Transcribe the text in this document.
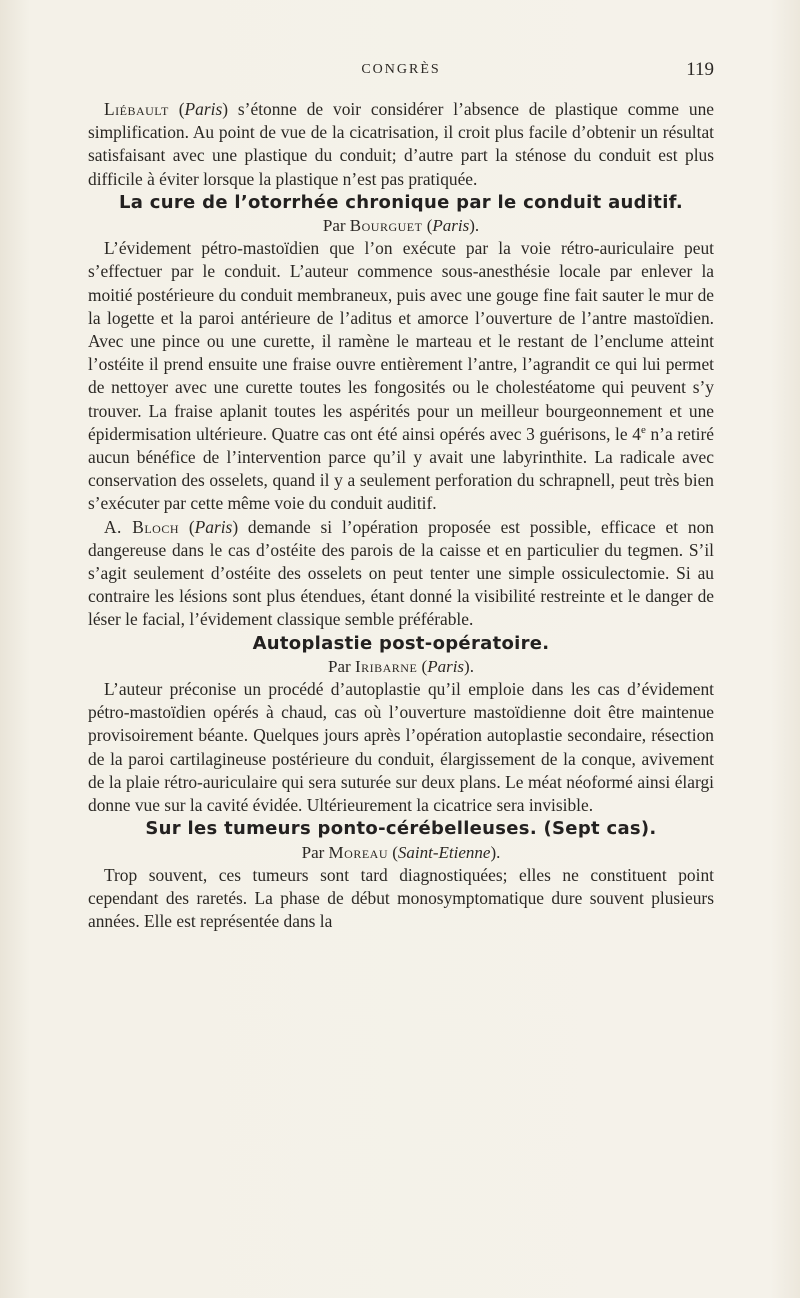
CONGRÈS	119

Liébault (Paris) s’étonne de voir considérer l’absence de plastique comme une simplification. Au point de vue de la cicatrisation, il croit plus facile d’obtenir un résultat satisfaisant avec une plastique du conduit; d’autre part la sténose du conduit est plus difficile à éviter lorsque la plastique n’est pas pratiquée.

La cure de l’otorrhée chronique par le conduit auditif.

Par Bourguet (Paris).

L’évidement pétro-mastoïdien que l’on exécute par la voie rétro-auriculaire peut s’effectuer par le conduit. L’auteur commence sous-anesthésie locale par enlever la moitié postérieure du conduit membraneux, puis avec une gouge fine fait sauter le mur de la logette et la paroi antérieure de l’aditus et amorce l’ouverture de l’antre mastoïdien. Avec une pince ou une curette, il ramène le marteau et le restant de l’enclume atteint l’ostéite il prend ensuite une fraise ouvre entièrement l’antre, l’agrandit ce qui lui permet de nettoyer avec une curette toutes les fongosités ou le cholestéatome qui peuvent s’y trouver. La fraise aplanit toutes les aspérités pour un meilleur bourgeonnement et une épidermisation ultérieure. Quatre cas ont été ainsi opérés avec 3 guérisons, le 4e n’a retiré aucun bénéfice de l’intervention parce qu’il y avait une labyrinthite. La radicale avec conservation des osselets, quand il y a seulement perforation du schrapnell, peut très bien s’exécuter par cette même voie du conduit auditif.

A. Bloch (Paris) demande si l’opération proposée est possible, efficace et non dangereuse dans le cas d’ostéite des parois de la caisse et en particulier du tegmen. S’il s’agit seulement d’ostéite des osselets on peut tenter une simple ossiculectomie. Si au contraire les lésions sont plus étendues, étant donné la visibilité restreinte et le danger de léser le facial, l’évidement classique semble préférable.

Autoplastie post-opératoire.

Par Iribarne (Paris).

L’auteur préconise un procédé d’autoplastie qu’il emploie dans les cas d’évidement pétro-mastoïdien opérés à chaud, cas où l’ouverture mastoïdienne doit être maintenue provisoirement béante. Quelques jours après l’opération autoplastie secondaire, résection de la paroi cartilagineuse postérieure du conduit, élargissement de la conque, avivement de la plaie rétro-auriculaire qui sera suturée sur deux plans. Le méat néoformé ainsi élargi donne vue sur la cavité évidée. Ultérieurement la cicatrice sera invisible.

Sur les tumeurs ponto-cérébelleuses. (Sept cas).

Par Moreau (Saint-Etienne).

Trop souvent, ces tumeurs sont tard diagnostiquées; elles ne constituent point cependant des raretés. La phase de début monosymptomatique dure souvent plusieurs années. Elle est représentée dans la
